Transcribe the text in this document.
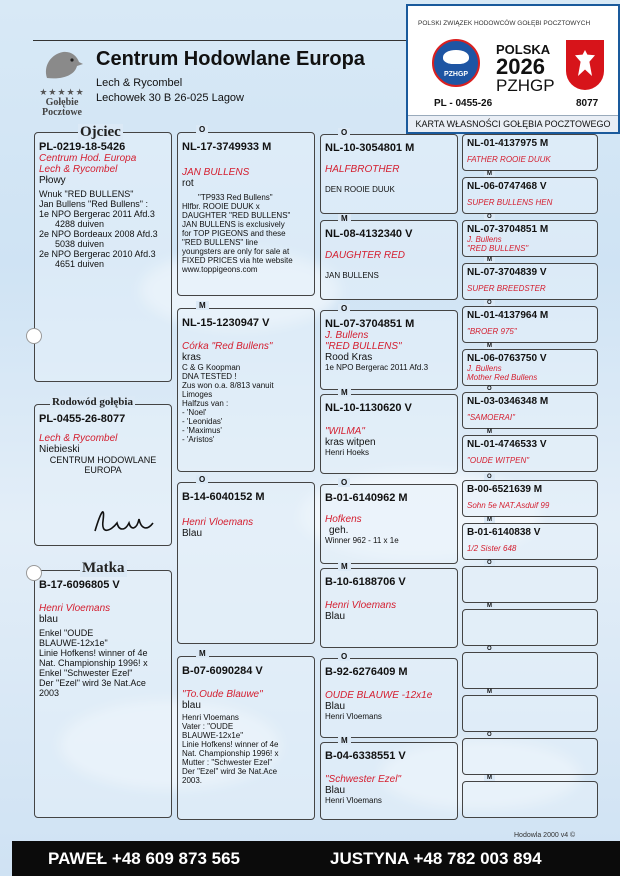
★★★★★
Gołębie
Pocztowe
Centrum Hodowlane Europa
Lech & Rycombel
Lechowek 30 B 26-025 Lagow
POLSKI ZWIĄZEK HODOWCÓW GOŁĘBI POCZTOWYCH
PZHGP
POLSKA
2026
PZHGP
PL - 0455-26	8077
KARTA WŁASNOŚCI GOŁĘBIA POCZTOWEGO
PL-0219-18-5426
Centrum Hod. Europa
Lech & Rycombel
Płowy
Wnuk "RED BULLENS"
Jan Bullens "Red Bullens" :
1e NPO Bergerac 2011 Afd.3
4288 duiven
2e NPO Bordeaux 2008 Afd.3
5038 duiven
2e NPO Bergerac 2010 Afd.3
4651 duiven
Ojciec
PL-0455-26-8077
Lech & Rycombel
Niebieski
CENTRUM HODOWLANE
EUROPA
Rodowód gołębia
B-17-6096805 V
Henri Vloemans
blau
Enkel "OUDE
BLAUWE-12x1e"
Linie Hofkens! winner of 4e
Nat. Championship 1996! x
Enkel "Schwester Ezel"
Der "Ezel" wird 3e Nat.Ace
2003
Matka
NL-17-3749933 M
JAN BULLENS
rot
"TP933 Red Bullens"
Hlfbr. ROOIE DUUK x
DAUGHTER "RED BULLENS"
JAN BULLENS is exclusively
for TOP PIGEONS and these
"RED BULLENS" line
youngsters are only for sale at
FIXED PRICES via hte website
www.toppigeons.com
O
NL-15-1230947 V
Córka "Red Bullens"
kras
C & G Koopman
DNA TESTED !
Zus won o.a. 8/813 vanuit
Limoges
Halfzus van :
- 'Noel'
- 'Leonidas'
- 'Maximus'
- 'Aristos'
M
B-14-6040152 M
Henri Vloemans
Blau
O
B-07-6090284 V
"To.Oude Blauwe"
blau
Henri Vloemans
Vater : "OUDE
BLAUWE-12x1e"
Linie Hofkens! winner of 4e
Nat. Championship 1996! x
Mutter : "Schwester Ezel"
Der "Ezel" wird 3e Nat.Ace
2003.
M
NL-10-3054801 M
HALFBROTHER
DEN ROOIE DUUK
O
NL-08-4132340 V
DAUGHTER RED
JAN BULLENS
M
NL-07-3704851 M
J. Bullens
"RED BULLENS"
Rood Kras
1e NPO Bergerac 2011 Afd.3
O
NL-10-1130620 V
"WILMA"
kras witpen
Henri Hoeks
M
B-01-6140962 M
Hofkens
geh.
Winner 962 - 11 x 1e
O
B-10-6188706 V
Henri Vloemans
Blau
M
B-92-6276409 M
OUDE BLAUWE -12x1e
Blau
Henri Vloemans
O
B-04-6338551 V
"Schwester Ezel"
Blau
Henri Vloemans
M
NL-01-4137975 M
FATHER ROOIE DUUK
NL-06-0747468 V
SUPER BULLENS HEN
M
NL-07-3704851 M
J. Bullens
"RED BULLENS"
O
NL-07-3704839 V
SUPER BREEDSTER
M
NL-01-4137964 M
"BROER 975"
O
NL-06-0763750 V
J. Bullens
Mother Red Bullens
M
NL-03-0346348 M
"SAMOERAI"
O
NL-01-4746533 V
"OUDE WITPEN"
M
B-00-6521639 M
Sohn 5e NAT.Asduif 99
O
B-01-6140838 V
1/2 Sister 648
M
O
M
O
M
O
M
Hodowla 2000 v4 ©
PAWEŁ +48 609 873 565	JUSTYNA +48 782 003 894
